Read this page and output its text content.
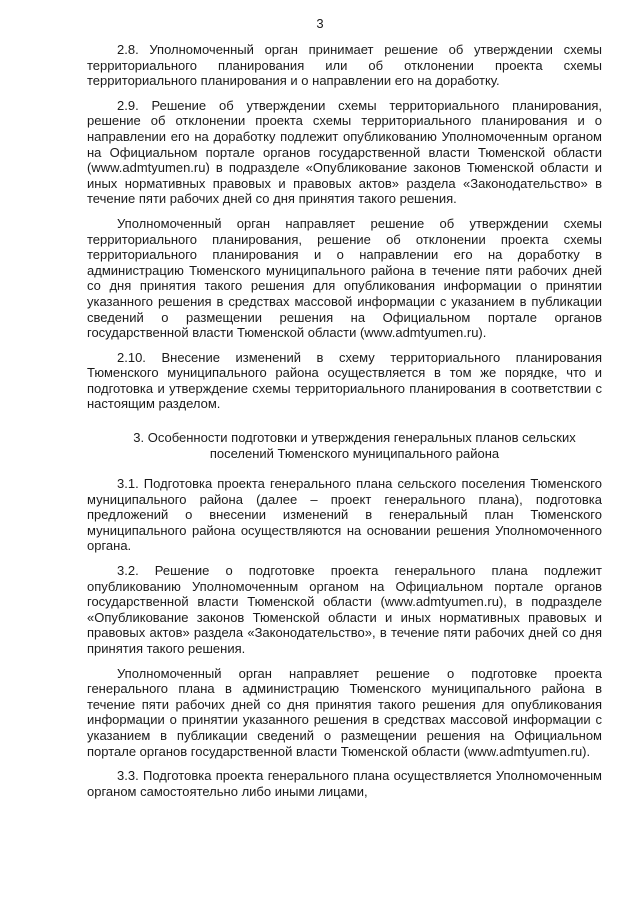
3

2.8. Уполномоченный орган принимает решение об утверждении схемы территориального планирования или об отклонении проекта схемы территориального планирования и о направлении его на доработку.

2.9. Решение об утверждении схемы территориального планирования, решение об отклонении проекта схемы территориального планирования и о направлении его на доработку подлежит опубликованию Уполномоченным органом на Официальном портале органов государственной власти Тюменской области (www.admtyumen.ru) в подразделе «Опубликование законов Тюменской области и иных нормативных правовых и правовых актов» раздела «Законодательство» в течение пяти рабочих дней со дня принятия такого решения.

Уполномоченный орган направляет решение об утверждении схемы территориального планирования, решение об отклонении проекта схемы территориального планирования и о направлении его на доработку в администрацию Тюменского муниципального района в течение пяти рабочих дней со дня принятия такого решения для опубликования информации о принятии указанного решения в средствах массовой информации с указанием в публикации сведений о размещении решения на Официальном портале органов государственной власти Тюменской области (www.admtyumen.ru).

2.10. Внесение изменений в схему территориального планирования Тюменского муниципального района осуществляется в том же порядке, что и подготовка и утверждение схемы территориального планирования в соответствии с настоящим разделом.

3. Особенности подготовки и утверждения генеральных планов сельских поселений Тюменского муниципального района

3.1. Подготовка проекта генерального плана сельского поселения Тюменского муниципального района (далее – проект генерального плана), подготовка предложений о внесении изменений в генеральный план Тюменского муниципального района осуществляются на основании решения Уполномоченного органа.

3.2. Решение о подготовке проекта генерального плана подлежит опубликованию Уполномоченным органом на Официальном портале органов государственной власти Тюменской области (www.admtyumen.ru), в подразделе «Опубликование законов Тюменской области и иных нормативных правовых и правовых актов» раздела «Законодательство», в течение пяти рабочих дней со дня принятия такого решения.

Уполномоченный орган направляет решение о подготовке проекта генерального плана в администрацию Тюменского муниципального района в течение пяти рабочих дней со дня принятия такого решения для опубликования информации о принятии указанного решения в средствах массовой информации с указанием в публикации сведений о размещении решения на Официальном портале органов государственной власти Тюменской области (www.admtyumen.ru).

3.3. Подготовка проекта генерального плана осуществляется Уполномоченным органом самостоятельно либо иными лицами,
